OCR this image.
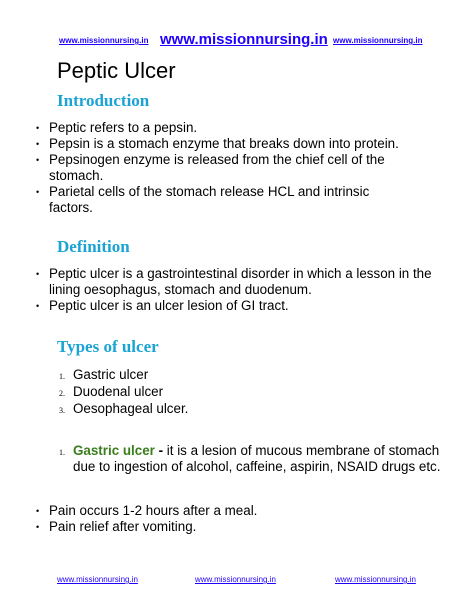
www.missionnursing.in www.missionnursing.in www.missionnursing.in
Peptic Ulcer
Introduction
• Peptic refers to a pepsin.
• Pepsin is a stomach enzyme that breaks down into protein.
• Pepsinogen enzyme is released from the chief cell of the stomach.
• Parietal cells of the stomach release HCL and intrinsic factors.
Definition
• Peptic ulcer is a gastrointestinal disorder in which a lesson in the lining oesophagus, stomach and duodenum.
• Peptic ulcer is an ulcer lesion of GI tract.
Types of ulcer
1. Gastric ulcer
2. Duodenal ulcer
3. Oesophageal ulcer.
1. Gastric ulcer - it is a lesion of mucous membrane of stomach due to ingestion of alcohol, caffeine, aspirin, NSAID drugs etc.
• Pain occurs 1-2 hours after a meal.
• Pain relief after vomiting.
www.missionnursing.in	www.missionnursing.in	www.missionnursing.in
